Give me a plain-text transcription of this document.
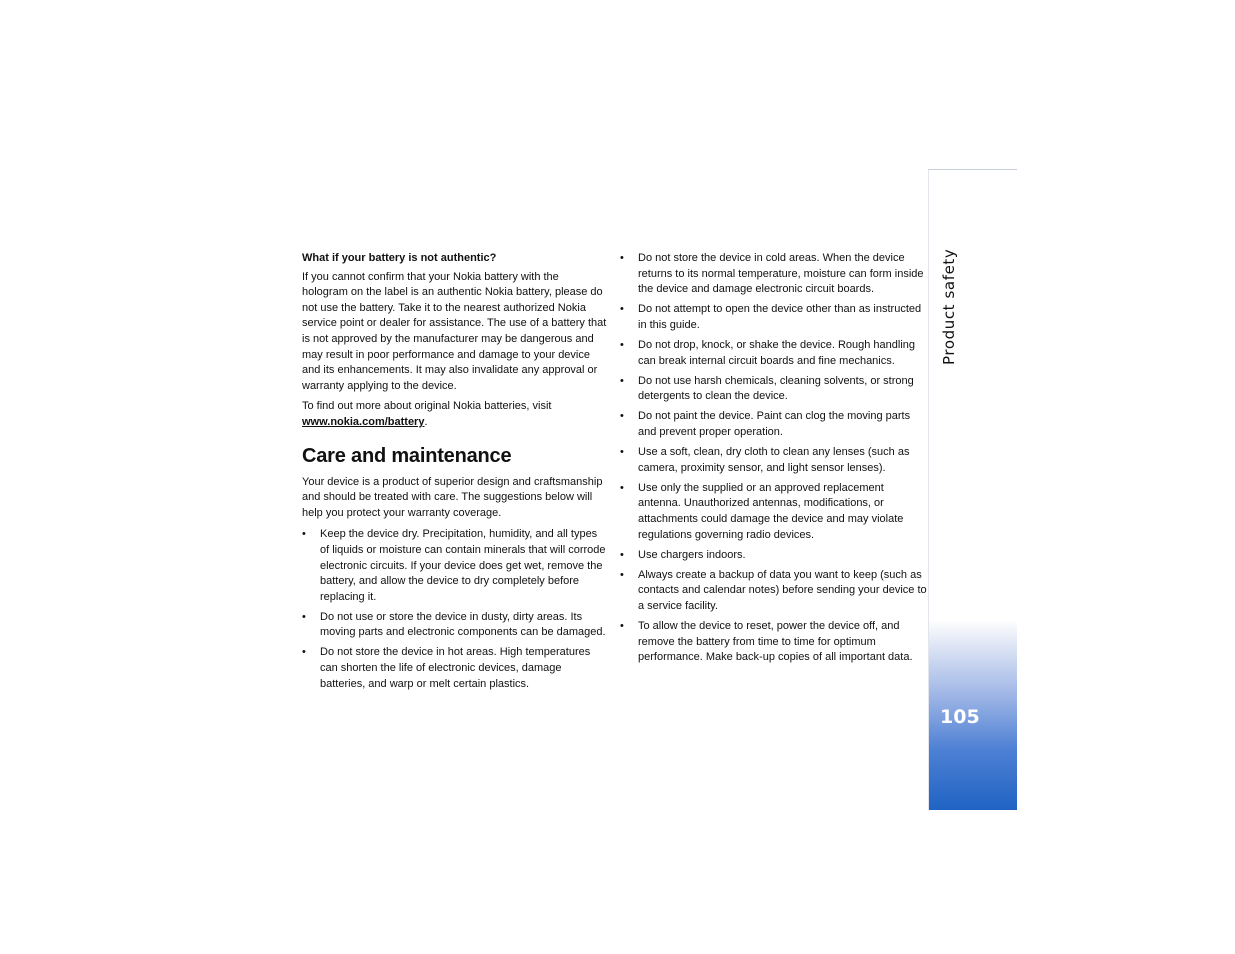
What if your battery is not authentic?

If you cannot confirm that your Nokia battery with the hologram on the label is an authentic Nokia battery, please do not use the battery. Take it to the nearest authorized Nokia service point or dealer for assistance. The use of a battery that is not approved by the manufacturer may be dangerous and may result in poor performance and damage to your device and its enhancements. It may also invalidate any approval or warranty applying to the device.

To find out more about original Nokia batteries, visit www.nokia.com/battery.

Care and maintenance

Your device is a product of superior design and craftsmanship and should be treated with care. The suggestions below will help you protect your warranty coverage.

• Keep the device dry. Precipitation, humidity, and all types of liquids or moisture can contain minerals that will corrode electronic circuits. If your device does get wet, remove the battery, and allow the device to dry completely before replacing it.
• Do not use or store the device in dusty, dirty areas. Its moving parts and electronic components can be damaged.
• Do not store the device in hot areas. High temperatures can shorten the life of electronic devices, damage batteries, and warp or melt certain plastics.
• Do not store the device in cold areas. When the device returns to its normal temperature, moisture can form inside the device and damage electronic circuit boards.
• Do not attempt to open the device other than as instructed in this guide.
• Do not drop, knock, or shake the device. Rough handling can break internal circuit boards and fine mechanics.
• Do not use harsh chemicals, cleaning solvents, or strong detergents to clean the device.
• Do not paint the device. Paint can clog the moving parts and prevent proper operation.
• Use a soft, clean, dry cloth to clean any lenses (such as camera, proximity sensor, and light sensor lenses).
• Use only the supplied or an approved replacement antenna. Unauthorized antennas, modifications, or attachments could damage the device and may violate regulations governing radio devices.
• Use chargers indoors.
• Always create a backup of data you want to keep (such as contacts and calendar notes) before sending your device to a service facility.
• To allow the device to reset, power the device off, and remove the battery from time to time for optimum performance. Make back-up copies of all important data.
Product safety
105
